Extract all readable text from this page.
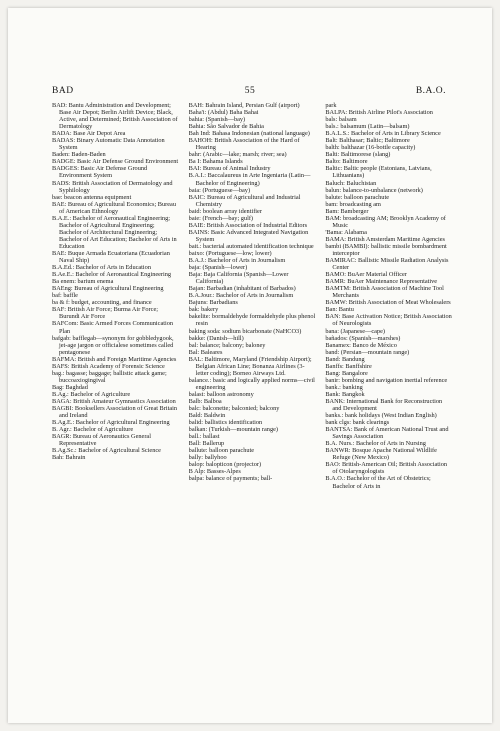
BAD	55	B.A.O.
BAD: Bantu Administration and Development; Base Air Depot; Berlin Airlift Device; Black, Active, and Determined; British Association of Dermatology
BADA: Base Air Depot Area
BADAS: Binary Automatic Data Annotation System
Baden: Baden-Baden
BADGE: Basic Air Defense Ground Environment
BADGES: Basic Air Defense Ground Environment System
BADS: British Association of Dermatology and Syphilology
bae: beacon antenna equipment
BAE: Bureau of Agricultural Economics; Bureau of American Ethnology
B.A.E.: Bachelor of Aeronautical Engineering; Bachelor of Agricultural Engineering; Bachelor of Architectural Engineering; Bachelor of Art Education; Bachelor of Arts in Education
BAE: Buque Armada Ecuatoriana (Ecuadorian Naval Ship)
B.A.Ed.: Bachelor of Arts in Education
B.Ae.E.: Bachelor of Aeronautical Engineering
Ba enem: barium enema
BAEng: Bureau of Agricultural Engineering
baf: baffle
ba & f: budget, accounting, and finance
BAF: British Air Force; Burma Air Force; Burundi Air Force
BAFCom: Basic Armed Forces Communication Plan
bafgab: bafflegab—synonym for gobbledygook, jet-age jargon or officialese sometimes called pentagonese
BAFMA: British and Foreign Maritime Agencies
BAFS: British Academy of Forensic Science
bag.: bagasse; baggage; ballistic attack game; buccoaxiogingival
Bag: Baghdad
B.Ag.: Bachelor of Agriculture
BAGA: British Amateur Gymnastics Association
BAGBI: Booksellers Association of Great Britain and Ireland
B.Ag.E.: Bachelor of Agricultural Engineering
B. Agr.: Bachelor of Agriculture
BAGR: Bureau of Aeronautics General Representative
B.Ag.Sc.: Bachelor of Agricultural Science
Bah: Bahrain
BAH: Bahrain Island, Persian Gulf (airport)
Baha'i: (Abdul) Baha Bahai
bahia: (Spanish—bay)
Bahia: São Salvador de Bahia
Bah Ind: Bahasa Indonesian (national language)
BAHOH: British Association of the Hard of Hearing
bahr: (Arabic—lake; marsh; river; sea)
Ba I: Bahama Islands
BAI: Bureau of Animal Industry
B.A.I.: Baccalaureus in Arte Ingeniaria (Latin—Bachelor of Engineering)
baia: (Portuguese—bay)
BAIC: Bureau of Agricultural and Industrial Chemistry
baid: boolean array identifier
baie: (French—bay; gulf)
BAIE: British Association of Industrial Editors
BAINS: Basic Advanced Integrated Navigation System
bait.: bacterial automated identification technique
baixo: (Portuguese—low; lower)
B.A.J.: Bachelor of Arts in Journalism
baja: (Spanish—lower)
Baja: Baja California (Spanish—Lower California)
Bajan: Barbadian (inhabitant of Barbados)
B.A.Jour.: Bachelor of Arts in Journalism
Bajuns: Barbadians
bak: bakery
bakelite: bormaldehyde formaldehyde plus phenol resin
baking soda: sodium bicarbonate (NaHCO3)
bakke: (Danish—hill)
bal: balance; balcony; baloney
Bal: Baleares
BAL: Baltimore, Maryland (Friendship Airport); Belgian African Line; Bonanza Airlines (3-letter coding); Borneo Airways Ltd.
balance.: basic and logically applied norms—civil engineering
balast: balloon astronomy
Balb: Balboa
balc: balconette; balconied; balcony
Bald: Baldwin
balid: ballistics identification
balkan: (Turkish—mountain range)
ball.: ballast
Ball: Ballerup
ballute: balloon parachute
bally: ballyhoo
balop: balopticon (projector)
B Alp: Basses-Alpes
balpa: balance of payments; ball-
park
BALPA: British Airline Pilot's Association
bals: balsam
bals.: balsamum (Latin—balsam)
B.A.L.S.: Bachelor of Arts in Library Science
Balt: Balthasar; Baltic; Baltimore
balth: balthazar (16-bottle capacity)
Balti: Baltimorese (slang)
Balto: Baltimore
Baltic: Baltic people (Estonians, Latvians, Lithuanians)
Baluch: Baluchistan
balun: balance-to-unbalance (network)
balute: balloon parachute
bam: broadcasting am
Bam: Bamberger
BAM: broadcasting AM; Brooklyn Academy of Music
'Bama: Alabama
BAMA: British Amsterdam Maritime Agencies
bambi (BAMBI): ballistic missile bombardment interceptor
BAMIRAC: Ballistic Missile Radiation Analysis Center
BAMO: BuAer Material Officer
BAMR: BuAer Maintenance Representative
BAMTM: British Association of Machine Tool Merchants
BAMW: British Association of Meat Wholesalers
Ban: Bantu
BAN: Base Activation Notice; British Association of Neurologists
bana: (Japanese—cape)
bañados: (Spanish—marshes)
Banamex: Banco de México
band: (Persian—mountain range)
Band: Bandung
Banffs: Banffshire
Bang: Bangalore
banir: bombing and navigation inertial reference
bank.: banking
Bank: Bangkok
BANK: International Bank for Reconstruction and Development
banks.: bank holidays (West Indian English)
bank clgs: bank clearings
BANTSA: Bank of American National Trust and Savings Association
B.A. Nurs.: Bachelor of Arts in Nursing
BANWR: Bosque Apache National Wildlife Refuge (New Mexico)
BAO: British-American Oil; British Association of Otolaryngologists
B.A.O.: Bachelor of the Art of Obstetrics; Bachelor of Arts in
